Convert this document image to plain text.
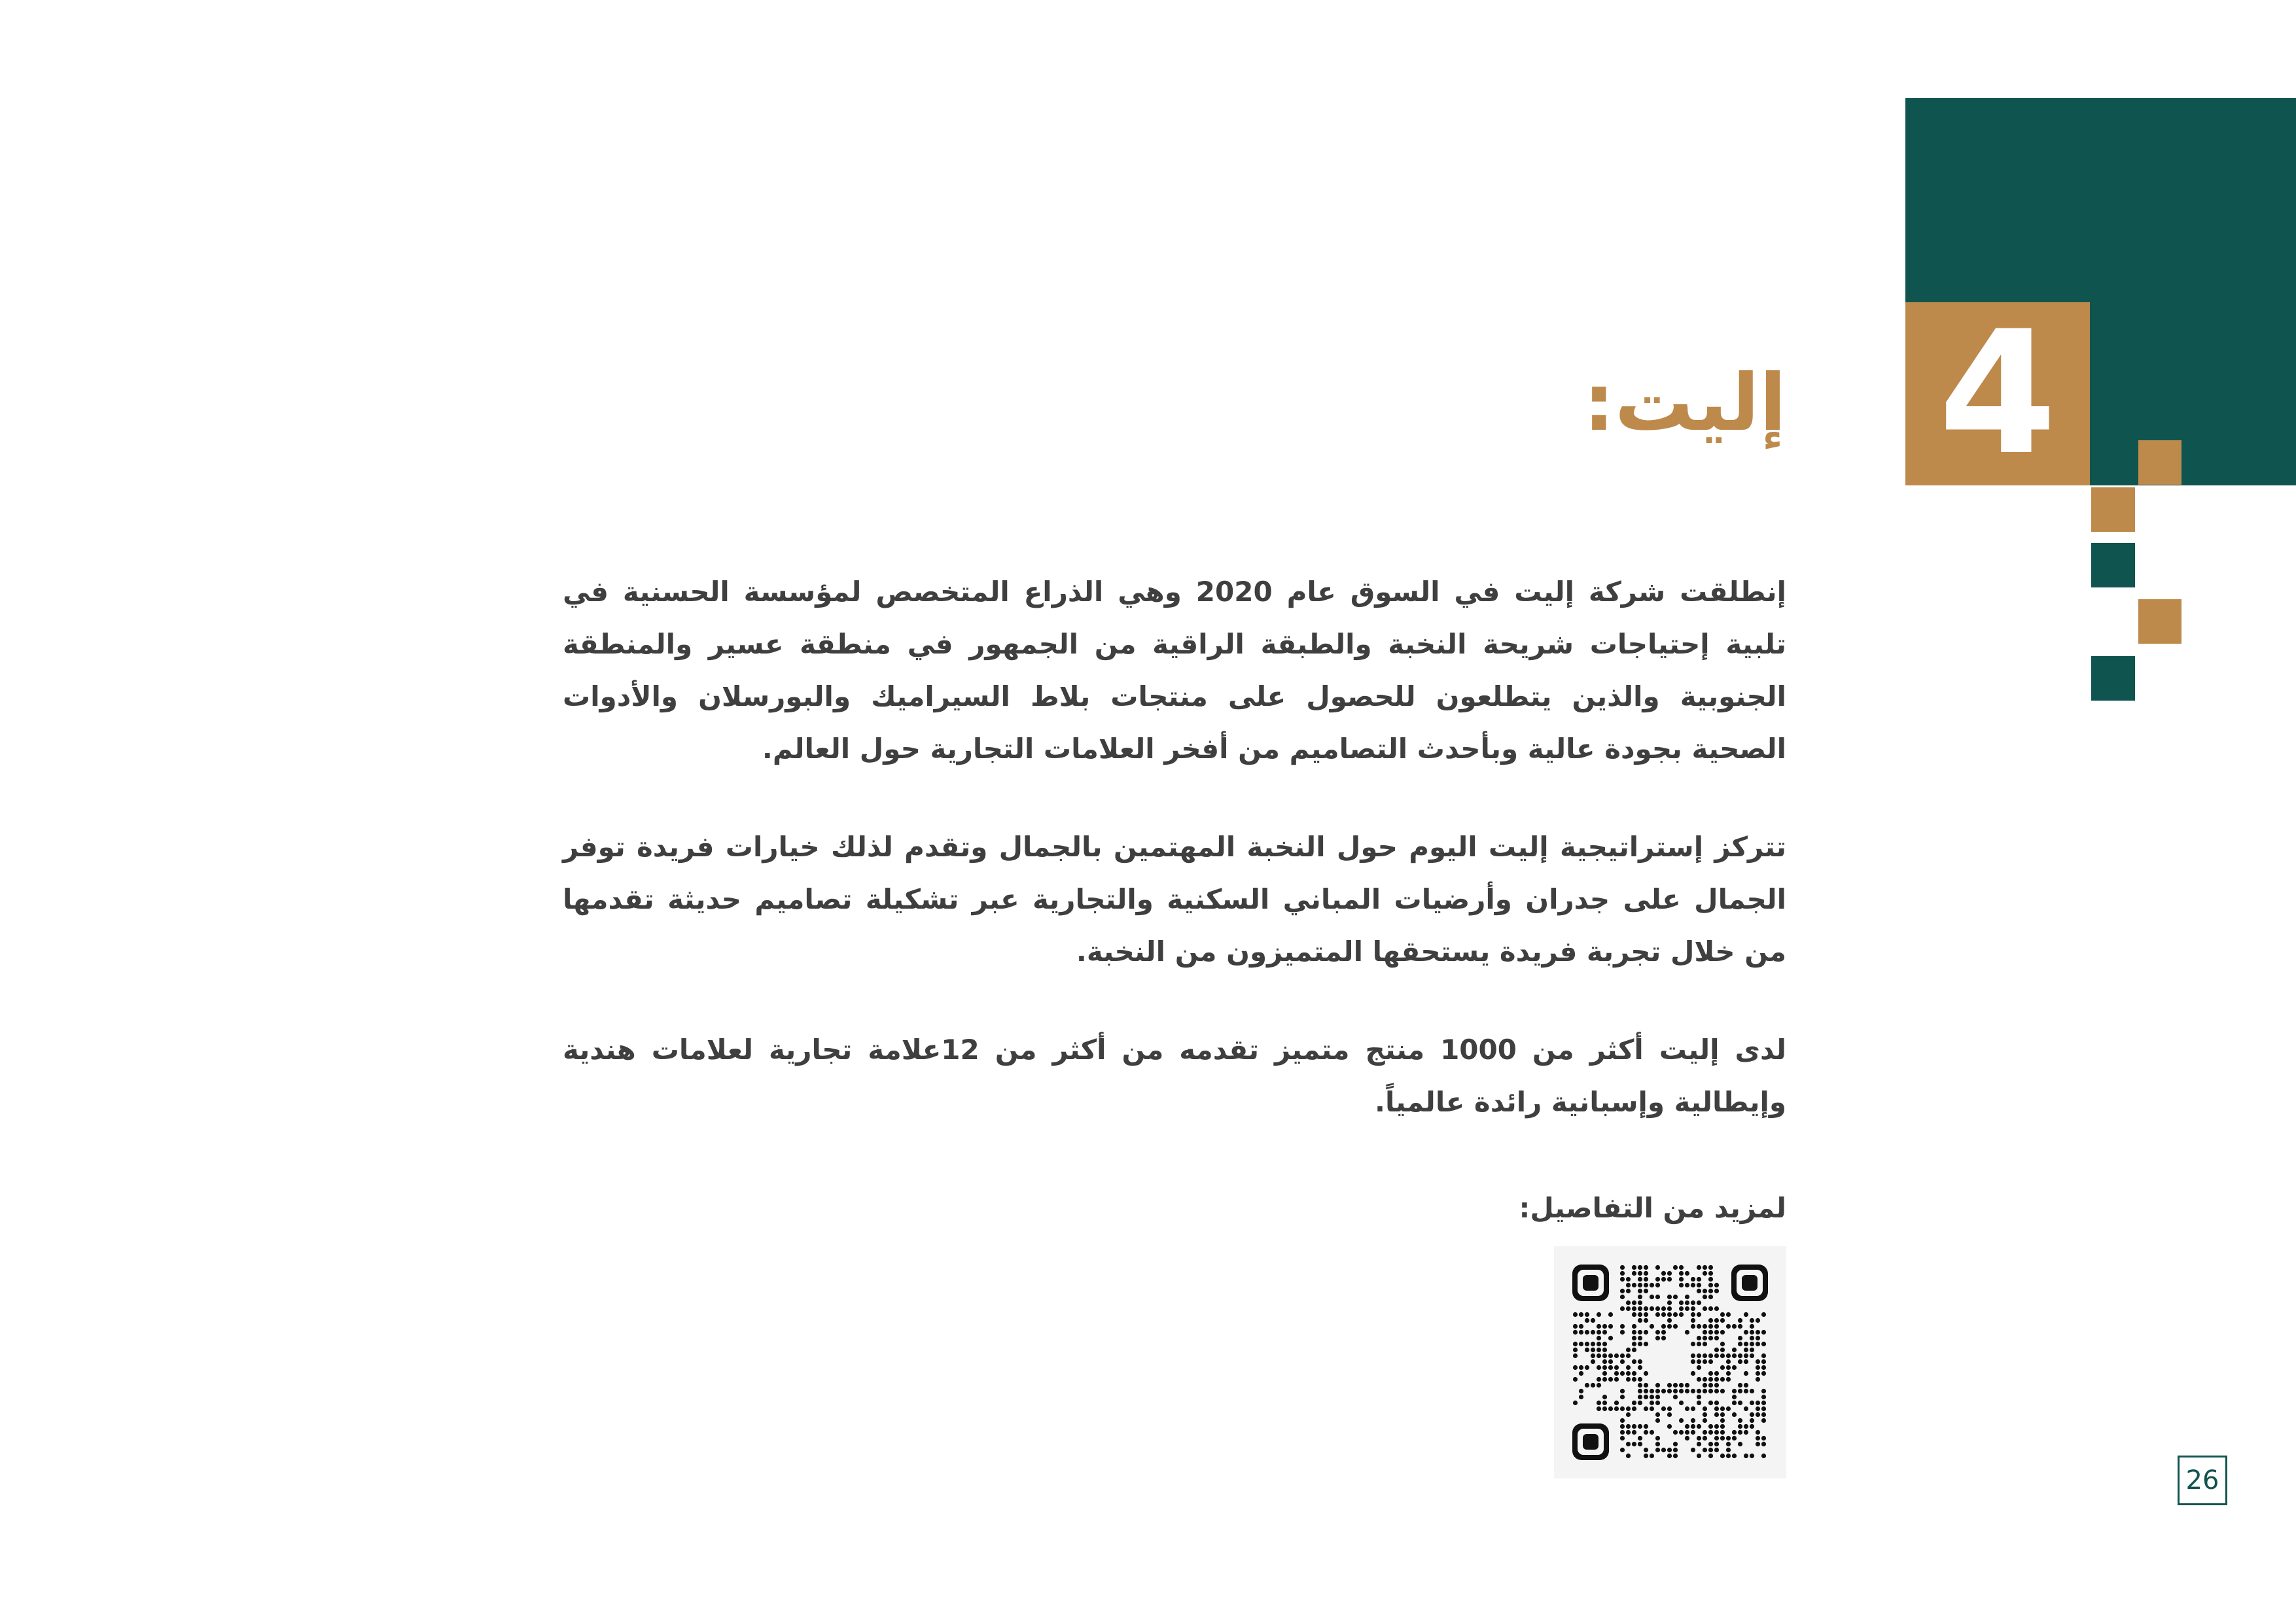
4
إليت:

إنطلقت شركة إليت في السوق عام 2020 وهي الذراع المتخصص لمؤسسة الحسنية في تلبية إحتياجات شريحة النخبة والطبقة الراقية من الجمهور في منطقة عسير والمنطقة الجنوبية والذين يتطلعون للحصول على منتجات بلاط السيراميك والبورسلان والأدوات الصحية بجودة عالية وبأحدث التصاميم من أفخر العلامات التجارية حول العالم.

تتركز إستراتيجية إليت اليوم حول النخبة المهتمين بالجمال وتقدم لذلك خيارات فريدة توفر الجمال على جدران وأرضيات المباني السكنية والتجارية عبر تشكيلة تصاميم حديثة تقدمها من خلال تجربة فريدة يستحقها المتميزون من النخبة.

لدى إليت أكثر من 1000 منتج متميز تقدمه من أكثر من 12علامة تجارية لعلامات هندية وإيطالية وإسبانية رائدة عالمياً.

لمزيد من التفاصيل:
26
